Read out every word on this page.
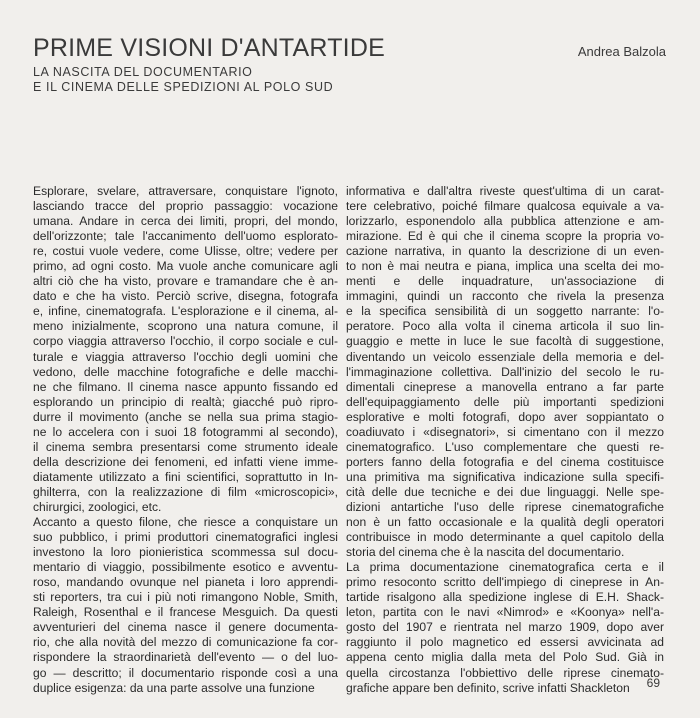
PRIME VISIONI D'ANTARTIDE	Andrea Balzola
LA NASCITA DEL DOCUMENTARIO
E IL CINEMA DELLE SPEDIZIONI AL POLO SUD
Esplorare, svelare, attraversare, conquistare l'ignoto,
lasciando tracce del proprio passaggio: vocazione
umana. Andare in cerca dei limiti, propri, del mondo,
dell'orizzonte; tale l'accanimento dell'uomo esplorato-
re, costui vuole vedere, come Ulisse, oltre; vedere per
primo, ad ogni costo. Ma vuole anche comunicare agli
altri ciò che ha visto, provare e tramandare che è an-
dato e che ha visto. Perciò scrive, disegna, fotografa
e, infine, cinematografa. L'esplorazione e il cinema, al-
meno inizialmente, scoprono una natura comune, il
corpo viaggia attraverso l'occhio, il corpo sociale e cul-
turale e viaggia attraverso l'occhio degli uomini che
vedono, delle macchine fotografiche e delle macchi-
ne che filmano. Il cinema nasce appunto fissando ed
esplorando un principio di realtà; giacché può ripro-
durre il movimento (anche se nella sua prima stagio-
ne lo accelera con i suoi 18 fotogrammi al secondo),
il cinema sembra presentarsi come strumento ideale
della descrizione dei fenomeni, ed infatti viene imme-
diatamente utilizzato a fini scientifici, soprattutto in In-
ghilterra, con la realizzazione di film «microscopici»,
chirurgici, zoologici, etc.
Accanto a questo filone, che riesce a conquistare un
suo pubblico, i primi produttori cinematografici inglesi
investono la loro pionieristica scommessa sul docu-
mentario di viaggio, possibilmente esotico e avventu-
roso, mandando ovunque nel pianeta i loro apprendi-
sti reporters, tra cui i più noti rimangono Noble, Smith,
Raleigh, Rosenthal e il francese Mesguich. Da questi
avventurieri del cinema nasce il genere documenta-
rio, che alla novità del mezzo di comunicazione fa cor-
rispondere la straordinarietà dell'evento — o del luo-
go — descritto; il documentario risponde così a una
duplice esigenza: da una parte assolve una funzione
informativa e dall'altra riveste quest'ultima di un carat-
tere celebrativo, poiché filmare qualcosa equivale a va-
lorizzarlo, esponendolo alla pubblica attenzione e am-
mirazione. Ed è qui che il cinema scopre la propria vo-
cazione narrativa, in quanto la descrizione di un even-
to non è mai neutra e piana, implica una scelta dei mo-
menti e delle inquadrature, un'associazione di
immagini, quindi un racconto che rivela la presenza
e la specifica sensibilità di un soggetto narrante: l'o-
peratore. Poco alla volta il cinema articola il suo lin-
guaggio e mette in luce le sue facoltà di suggestione,
diventando un veicolo essenziale della memoria e del-
l'immaginazione collettiva. Dall'inizio del secolo le ru-
dimentali cineprese a manovella entrano a far parte
dell'equipaggiamento delle più importanti spedizioni
esplorative e molti fotografi, dopo aver soppiantato o
coadiuvato i «disegnatori», si cimentano con il mezzo
cinematografico. L'uso complementare che questi re-
porters fanno della fotografia e del cinema costituisce
una primitiva ma significativa indicazione sulla specifi-
cità delle due tecniche e dei due linguaggi. Nelle spe-
dizioni antartiche l'uso delle riprese cinematografiche
non è un fatto occasionale e la qualità degli operatori
contribuisce in modo determinante a quel capitolo della
storia del cinema che è la nascita del documentario.
La prima documentazione cinematografica certa e il
primo resoconto scritto dell'impiego di cineprese in An-
tartide risalgono alla spedizione inglese di E.H. Shack-
leton, partita con le navi «Nimrod» e «Koonya» nell'a-
gosto del 1907 e rientrata nel marzo 1909, dopo aver
raggiunto il polo magnetico ed essersi avvicinata ad
appena cento miglia dalla meta del Polo Sud. Già in
quella circostanza l'obbiettivo delle riprese cinemato-
grafiche appare ben definito, scrive infatti Shackleton	69
